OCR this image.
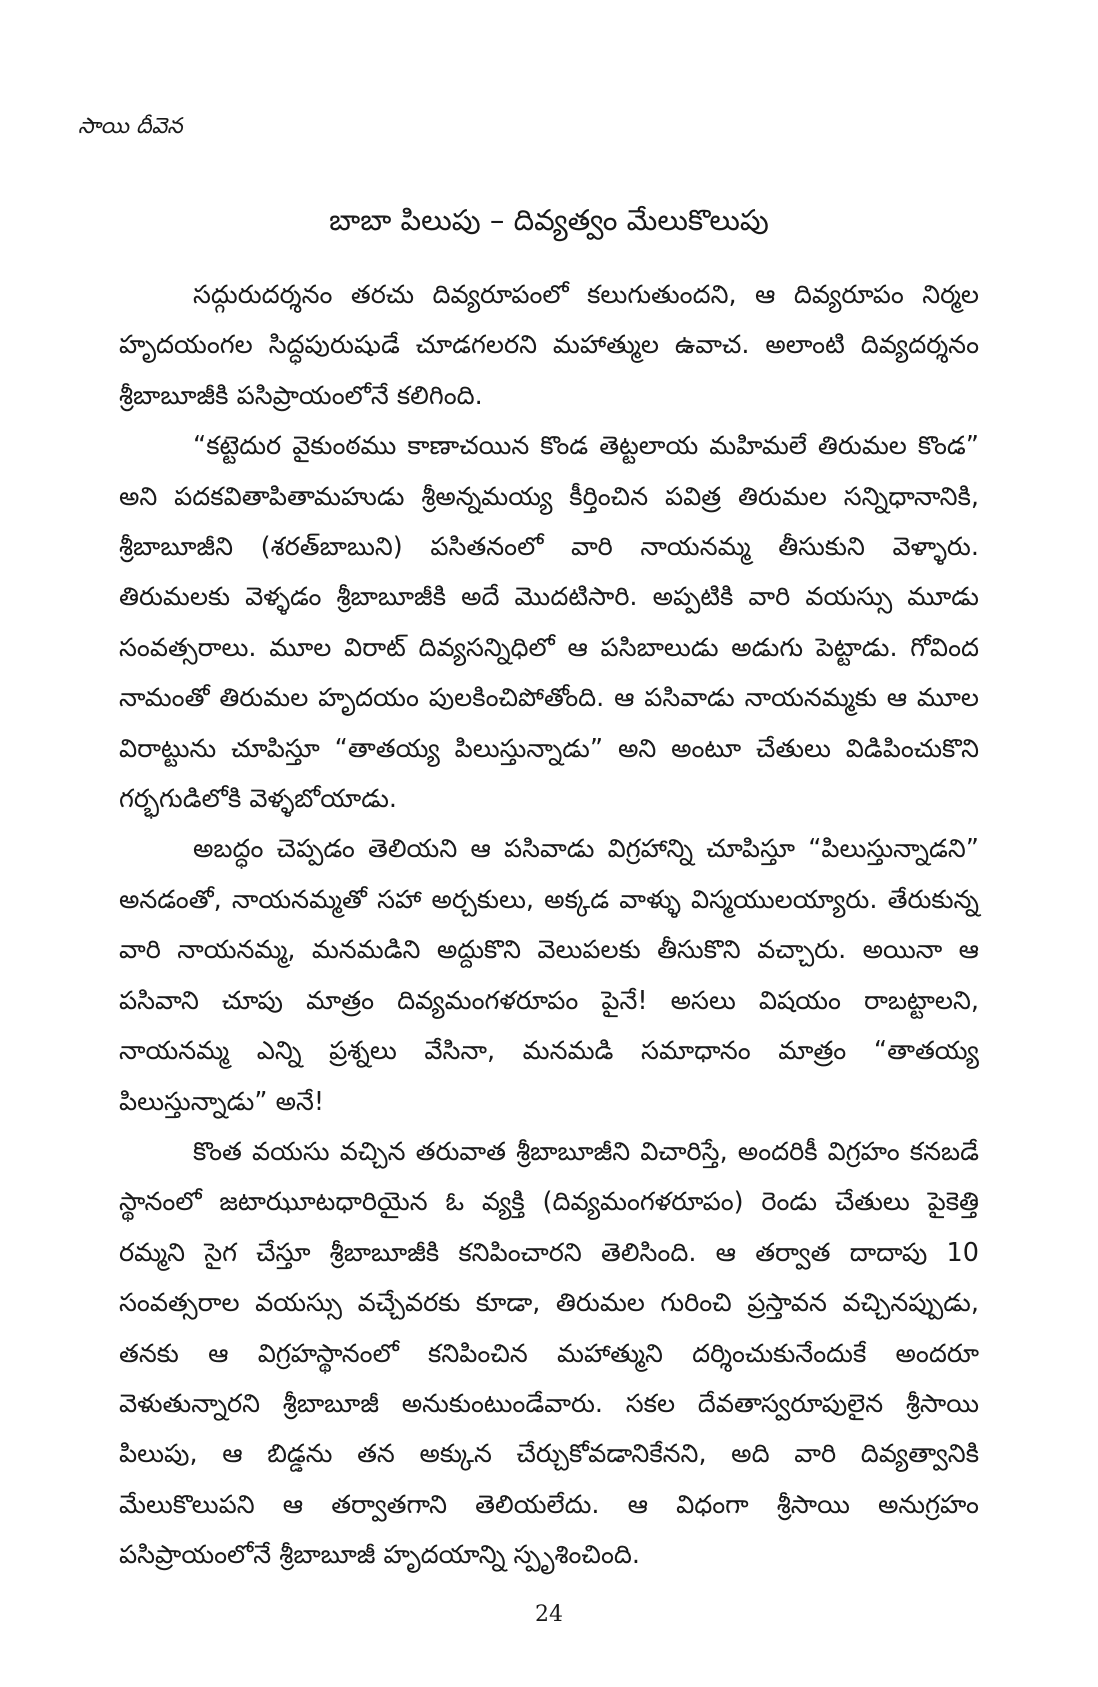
సాయి దీవెన
బాబా పిలుపు – దివ్యత్వం మేలుకొలుపు

సద్గురుదర్శనం తరచు దివ్యరూపంలో కలుగుతుందని, ఆ దివ్యరూపం నిర్మల హృదయంగల సిద్ధపురుషుడే చూడగలరని మహాత్ముల ఉవాచ. అలాంటి దివ్యదర్శనం శ్రీబాబూజీకి పసిప్రాయంలోనే కలిగింది.

“కట్టెదుర వైకుంఠము కాణాచయిన కొండ తెట్టలాయ మహిమలే తిరుమల కొండ” అని పదకవితాపితామహుడు శ్రీఅన్నమయ్య కీర్తించిన పవిత్ర తిరుమల సన్నిధానానికి, శ్రీబాబూజీని (శరత్‌బాబుని) పసితనంలో వారి నాయనమ్మ తీసుకుని వెళ్ళారు. తిరుమలకు వెళ్ళడం శ్రీబాబూజీకి అదే మొదటిసారి. అప్పటికి వారి వయస్సు మూడు సంవత్సరాలు. మూల విరాట్ దివ్యసన్నిధిలో ఆ పసిబాలుడు అడుగు పెట్టాడు. గోవింద నామంతో తిరుమల హృదయం పులకించిపోతోంది. ఆ పసివాడు నాయనమ్మకు ఆ మూల విరాట్టును చూపిస్తూ “తాతయ్య పిలుస్తున్నాడు” అని అంటూ చేతులు విడిపించుకొని గర్భగుడిలోకి వెళ్ళబోయాడు.

అబద్ధం చెప్పడం తెలియని ఆ పసివాడు విగ్రహాన్ని చూపిస్తూ “పిలుస్తున్నాడని” అనడంతో, నాయనమ్మతో సహా అర్చకులు, అక్కడ వాళ్ళు విస్మయులయ్యారు. తేరుకున్న వారి నాయనమ్మ, మనమడిని అద్దుకొని వెలుపలకు తీసుకొని వచ్చారు. అయినా ఆ పసివాని చూపు మాత్రం దివ్యమంగళరూపం పైనే! అసలు విషయం రాబట్టాలని, నాయనమ్మ ఎన్ని ప్రశ్నలు వేసినా, మనమడి సమాధానం మాత్రం “తాతయ్య పిలుస్తున్నాడు” అనే!

కొంత వయసు వచ్చిన తరువాత శ్రీబాబూజీని విచారిస్తే, అందరికీ విగ్రహం కనబడే స్థానంలో జటాఝూటధారియైన ఓ వ్యక్తి (దివ్యమంగళరూపం) రెండు చేతులు పైకెత్తి రమ్మని సైగ చేస్తూ శ్రీబాబూజీకి కనిపించారని తెలిసింది. ఆ తర్వాత దాదాపు 10 సంవత్సరాల వయస్సు వచ్చేవరకు కూడా, తిరుమల గురించి ప్రస్తావన వచ్చినప్పుడు, తనకు ఆ విగ్రహస్థానంలో కనిపించిన మహాత్ముని దర్శించుకునేందుకే అందరూ వెళుతున్నారని శ్రీబాబూజీ అనుకుంటుండేవారు. సకల దేవతాస్వరూపులైన శ్రీసాయి పిలుపు, ఆ బిడ్డను తన అక్కున చేర్చుకోవడానికేనని, అది వారి దివ్యత్వానికి మేలుకొలుపని ఆ తర్వాతగాని తెలియలేదు. ఆ విధంగా శ్రీసాయి అనుగ్రహం పసిప్రాయంలోనే శ్రీబాబూజీ హృదయాన్ని స్పృశించింది.

24
